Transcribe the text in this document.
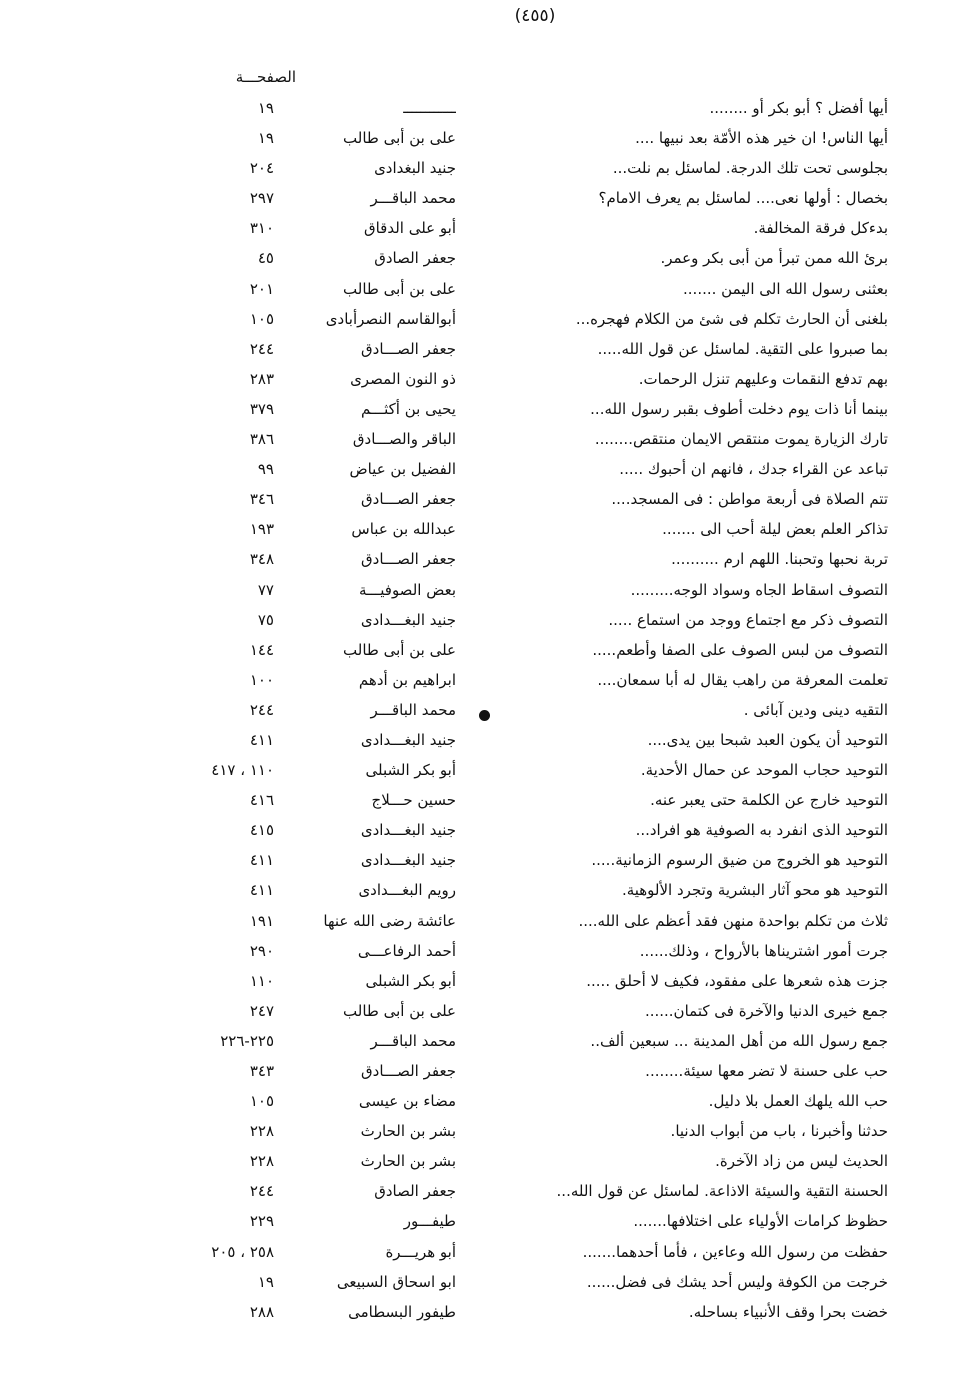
(٤٥٥)
الصفحـــة
أيها أفضل ؟ أبو بكر أو ........
ــــــــــــ
١٩
أيها الناس! ان خير هذه الأمّة بعد نبيها ....
على بن أبى طالب
١٩
بجلوسى تحت تلك الدرجة. لماسئل بم نلت...
جنيد البغدادى
٢٠٤
بخصال : أولها نعى.... لماسئل بم يعرف الامام؟
محمد الباقـــر
٢٩٧
بدءكل فرقة المخالفة.
أبو على الدقاق
٣١٠
برئ الله ممن تبرأ من أبى بكر وعمر.
جعفر الصادق
٤٥
بعثنى رسول الله الى اليمن .......
على بن أبى طالب
٢٠١
بلغنى أن الحارث تكلم فى شئ من الكلام فهجره...
أبوالقاسم النصرأبادى
١٠٥
بما صبروا على التقية. لماسئل عن قول الله.....
جعفر الصـــادق
٢٤٤
بهم تدفع النقمات وعليهم تنزل الرحمات.
ذو النون المصرى
٢٨٣
بينما أنا ذات يوم دخلت أطوف بقبر رسول الله...
يحيى بن أكثـــم
٣٧٩
تارك الزيارة يموت منتقص الايمان منتقص........
الباقر والصـــادق
٣٨٦
تباعد عن القراء جدك ، فانهم ان أحبوك .....
الفضيل بن عياض
٩٩
تتم الصلاة فى أربعة مواطن : فى المسجد....
جعفر الصـــادق
٣٤٦
تذاكر العلم بعض ليلة أحب الى .......
عبدالله بن عباس
١٩٣
تربة نحبها وتحبنا. اللهم ارم ..........
جعفر الصـــادق
٣٤٨
التصوف اسقاط الجاه وسواد الوجه.........
بعض الصوفيـــة
٧٧
التصوف ذكر مع اجتماع ووجد من استماع .....
جنيد البغـــدادى
٧٥
التصوف من لبس الصوف على الصفا وأطعم.....
على بن أبى طالب
١٤٤
تعلمت المعرفة من راهب يقال له أبا سمعان....
ابراهيم بن أدهم
١٠٠
التقيه دينى ودين آبائى .
محمد الباقـــر
٢٤٤
التوحيد أن يكون العبد شبحا بين يدى....
جنيد البغـــدادى
٤١١
التوحيد حجاب الموحد عن حمال الأحدية.
أبو بكر الشبلى
١١٠ ، ٤١٧
التوحيد خارج عن الكلمة حتى يعبر عنه.
حسين حـــلاج
٤١٦
التوحيد الذى انفرد به الصوفية هو افراد...
جنيد البغـــدادى
٤١٥
التوحيد هو الخروج من ضيق الرسوم الزمانية.....
جنيد البغـــدادى
٤١١
التوحيد هو محو آثار البشرية وتجرد الألوهية.
رويم البغـــدادى
٤١١
ثلاث من تكلم بواحدة منهن فقد أعظم على الله....
عائشة رضى الله عنها
١٩١
جرت أمور اشتريناها بالأرواح ، وذلك......
أحمد الرفاعـــى
٢٩٠
جزت هذه شعرها على مفقود، فكيف لا أحلق .....
أبو بكر الشبلى
١١٠
جمع خيرى الدنيا والآخرة فى كتمان......
على بن أبى طالب
٢٤٧
جمع رسول الله من أهل المدينة ... سبعين ألف..
محمد الباقـــر
٢٢٥-٢٢٦
حب على حسنة لا تضر معها سيئة........
جعفر الصـــادق
٣٤٣
حب الله يلهك العمل بلا دليل.
مضاء بن عيسى
١٠٥
حدثنا وأخبرنا ، باب من أبواب الدنيا.
بشر بن الحارث
٢٢٨
الحديث ليس من زاد الآخرة.
بشر بن الحارث
٢٢٨
الحسنة التقية والسيئة الاذاعة. لماسئل عن قول الله...
جعفر الصادق
٢٤٤
حظوظ كرامات الأولياء على اختلافها.......
طيفـــور
٢٢٩
حفظت من رسول الله وعاءين ، فأما أحدهما.......
أبو هريـــرة
٢٥٨ ، ٢٠٥
خرجت من الكوفة وليس أحد يشك فى فضل......
ابو اسحاق السبيعى
١٩
خضت بحرا وقف الأنبياء بساحله.
طيفور البسطامى
٢٨٨
